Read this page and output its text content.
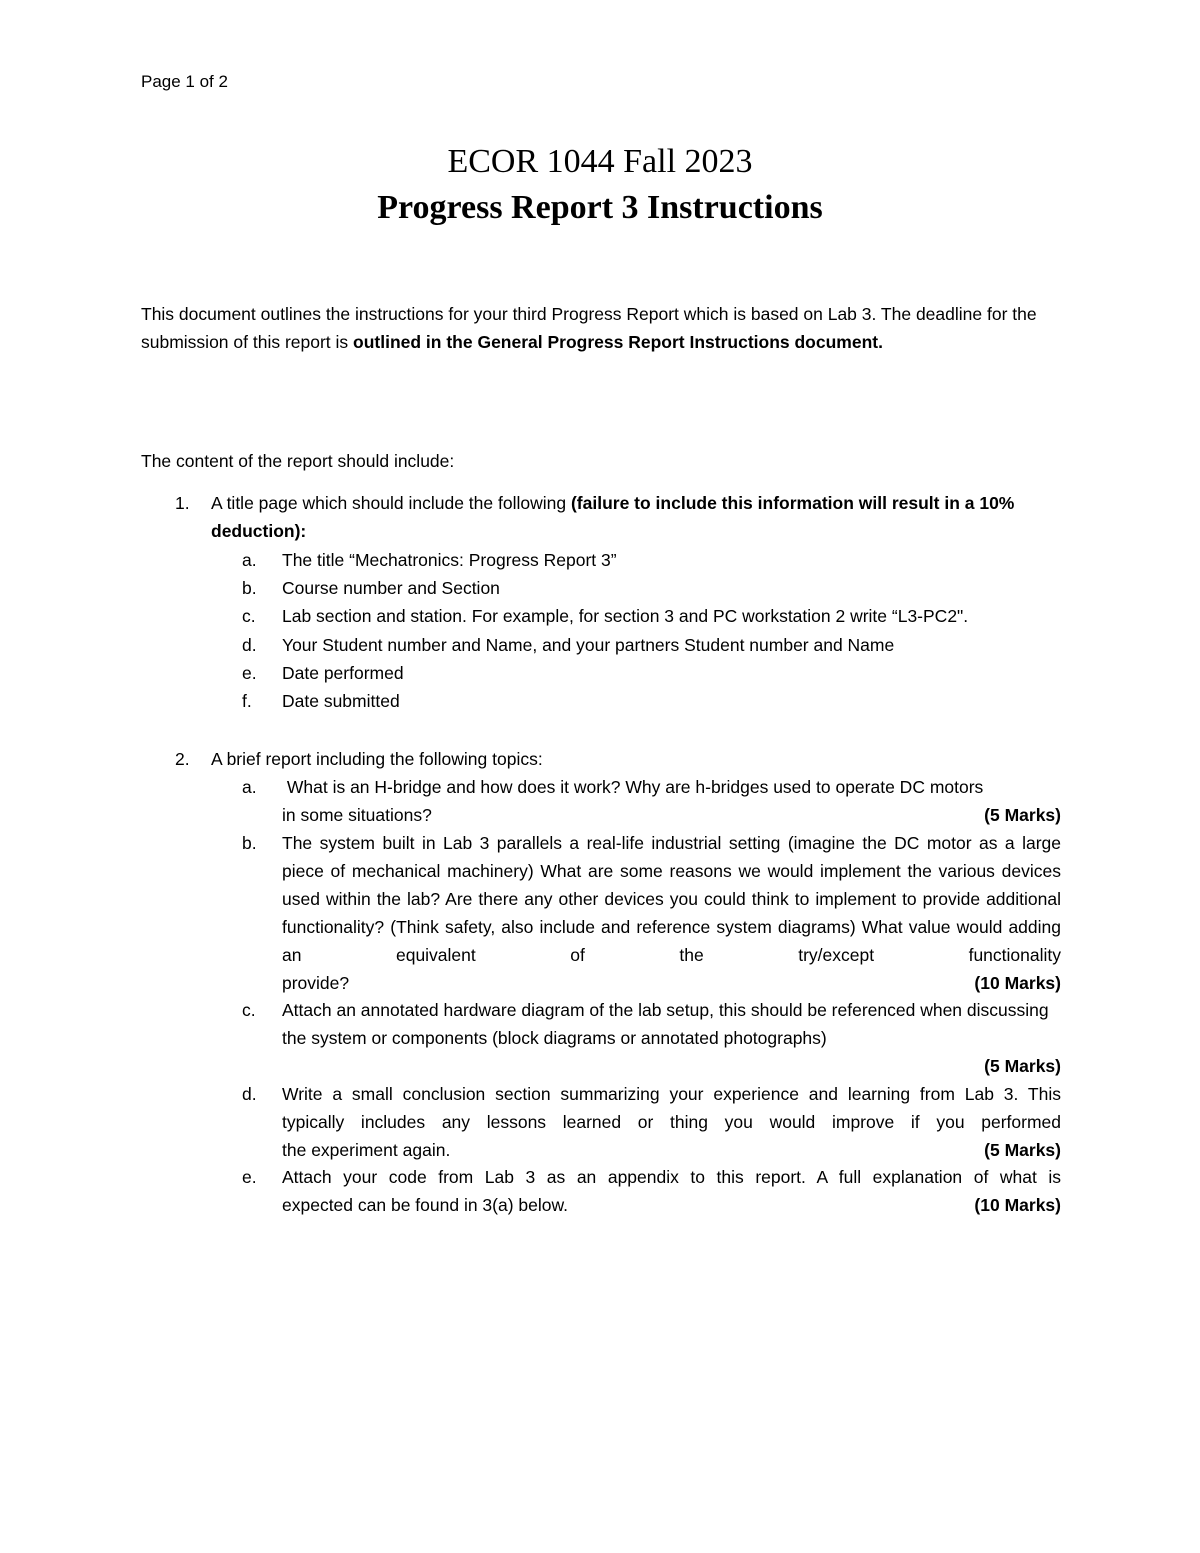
Page 1 of 2
ECOR 1044 Fall 2023
Progress Report 3 Instructions
This document outlines the instructions for your third Progress Report which is based on Lab 3. The deadline for the submission of this report is outlined in the General Progress Report Instructions document.
The content of the report should include:
1. A title page which should include the following (failure to include this information will result in a 10% deduction):
a. The title “Mechatronics: Progress Report 3”
b. Course number and Section
c. Lab section and station. For example, for section 3 and PC workstation 2 write “L3-PC2".
d. Your Student number and Name, and your partners Student number and Name
e. Date performed
f. Date submitted
2. A brief report including the following topics:
a. What is an H-bridge and how does it work? Why are h-bridges used to operate DC motors
in some situations?	(5 Marks)
b. The system built in Lab 3 parallels a real-life industrial setting (imagine the DC motor as a large piece of mechanical machinery) What are some reasons we would implement the various devices used within the lab? Are there any other devices you could think to implement to provide additional functionality? (Think safety, also include and reference system diagrams) What value would adding an equivalent of the try/except functionality
provide?	(10 Marks)
c. Attach an annotated hardware diagram of the lab setup, this should be referenced when discussing the system or components (block diagrams or annotated photographs)
(5 Marks)
d. Write a small conclusion section summarizing your experience and learning from Lab 3. This typically includes any lessons learned or thing you would improve if you performed
the experiment again.	(5 Marks)
e. Attach your code from Lab 3 as an appendix to this report. A full explanation of what is
expected can be found in 3(a) below.	(10 Marks)
